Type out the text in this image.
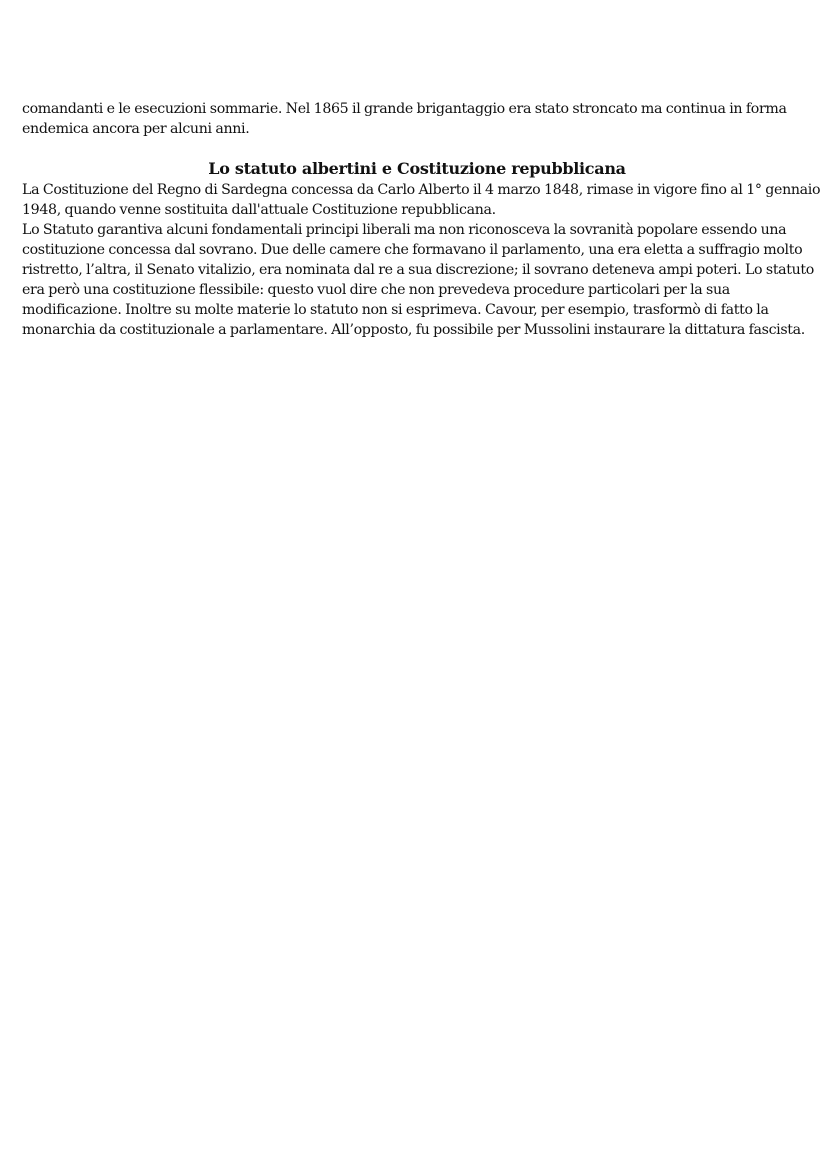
comandanti e le esecuzioni sommarie. Nel 1865 il grande brigantaggio era stato stroncato ma continua in forma
endemica ancora per alcuni anni.

Lo statuto albertini e Costituzione repubblicana

La Costituzione del Regno di Sardegna concessa da Carlo Alberto il 4 marzo 1848, rimase in vigore fino al 1° gennaio
1948, quando venne sostituita dall'attuale Costituzione repubblicana.

Lo Statuto garantiva alcuni fondamentali principi liberali ma non riconosceva la sovranità popolare essendo una
costituzione concessa dal sovrano. Due delle camere che formavano il parlamento, una era eletta a suffragio molto
ristretto, l’altra, il Senato vitalizio, era nominata dal re a sua discrezione; il sovrano deteneva ampi poteri. Lo statuto
era però una costituzione flessibile: questo vuol dire che non prevedeva procedure particolari per la sua
modificazione. Inoltre su molte materie lo statuto non si esprimeva. Cavour, per esempio, trasformò di fatto la
monarchia da costituzionale a parlamentare. All’opposto, fu possibile per Mussolini instaurare la dittatura fascista.
